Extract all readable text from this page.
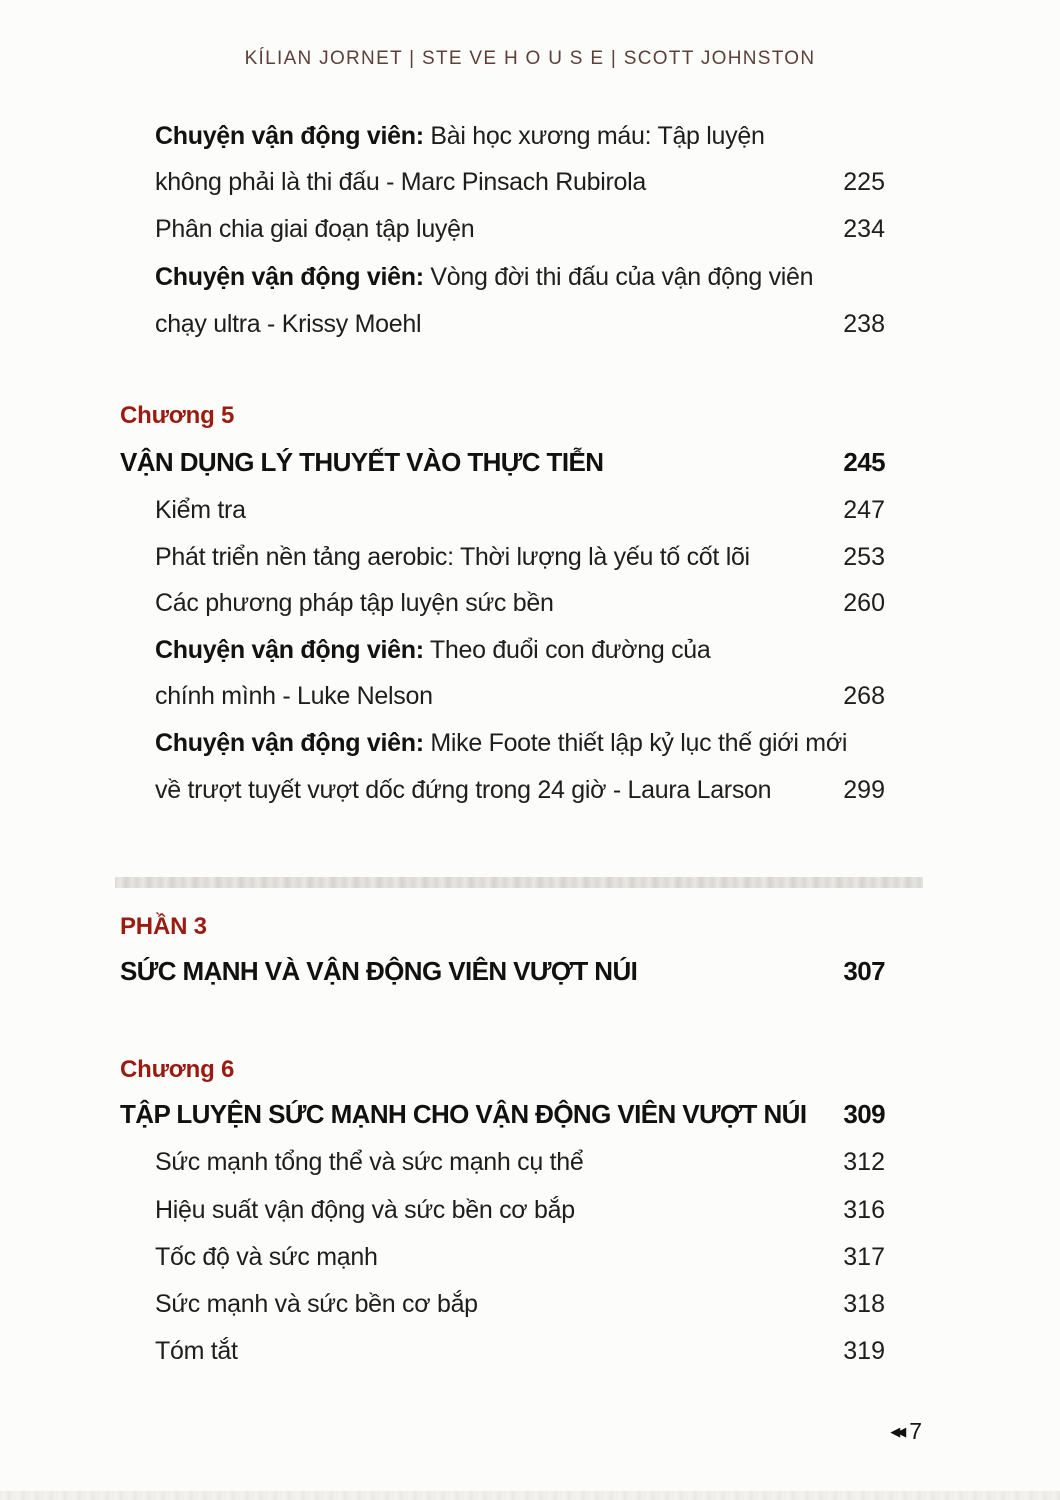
KÍLIAN JORNET | STE VE H O U S E | SCOTT JOHNSTON
Chuyện vận động viên: Bài học xương máu: Tập luyện
không phải là thi đấu - Marc Pinsach Rubirola	225
Phân chia giai đoạn tập luyện	234
Chuyện vận động viên: Vòng đời thi đấu của vận động viên
chạy ultra - Krissy Moehl	238
Chương 5
VẬN DỤNG LÝ THUYẾT VÀO THỰC TIỄN	245
Kiểm tra	247
Phát triển nền tảng aerobic: Thời lượng là yếu tố cốt lõi	253
Các phương pháp tập luyện sức bền	260
Chuyện vận động viên: Theo đuổi con đường của
chính mình - Luke Nelson	268
Chuyện vận động viên: Mike Foote thiết lập kỷ lục thế giới mới
về trượt tuyết vượt dốc đứng trong 24 giờ - Laura Larson	299
PHẦN 3
SỨC MẠNH VÀ VẬN ĐỘNG VIÊN VƯỢT NÚI	307
Chương 6
TẬP LUYỆN SỨC MẠNH CHO VẬN ĐỘNG VIÊN VƯỢT NÚI 309
Sức mạnh tổng thể và sức mạnh cụ thể	312
Hiệu suất vận động và sức bền cơ bắp	316
Tốc độ và sức mạnh	317
Sức mạnh và sức bền cơ bắp	318
Tóm tắt	319
◀◀ 7
